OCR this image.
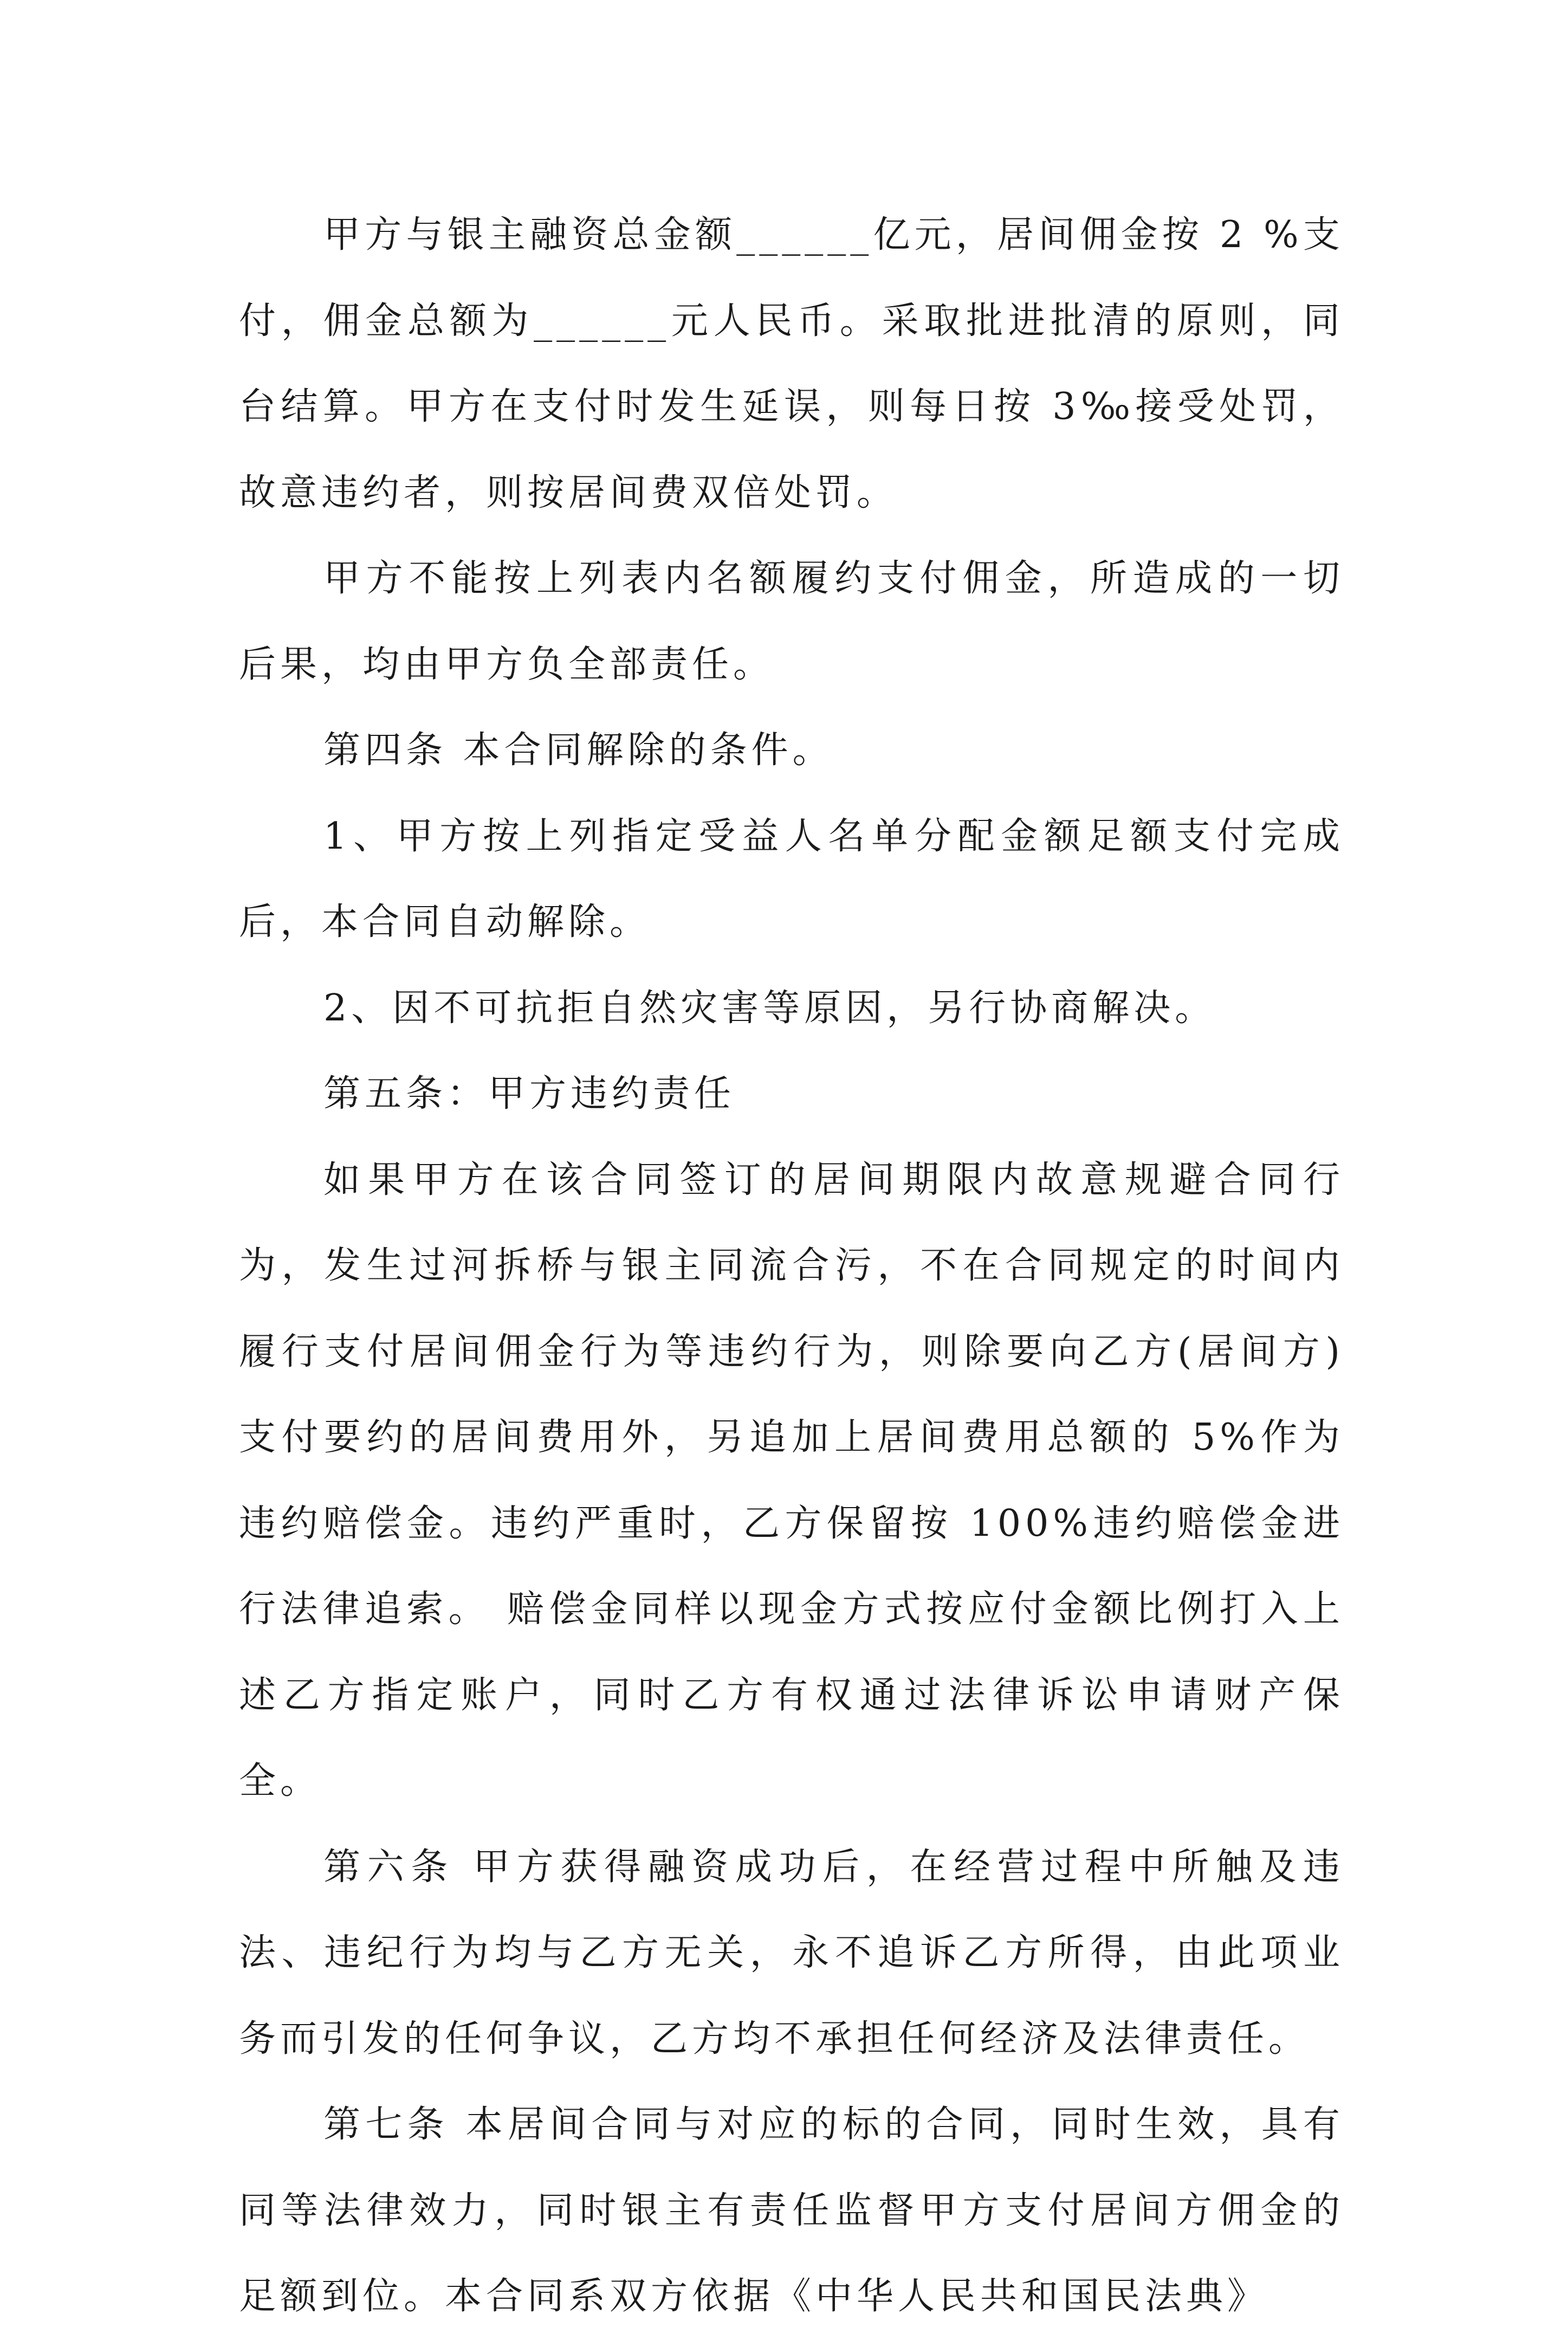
甲方与银主融资总金额______亿元，居间佣金按 2 %支付，佣金总额为______元人民币。采取批进批清的原则，同台结算。甲方在支付时发生延误，则每日按 3‰接受处罚，故意违约者，则按居间费双倍处罚。

甲方不能按上列表内名额履约支付佣金，所造成的一切后果，均由甲方负全部责任。

第四条 本合同解除的条件。

1、甲方按上列指定受益人名单分配金额足额支付完成后，本合同自动解除。

2、因不可抗拒自然灾害等原因，另行协商解决。

第五条：甲方违约责任

如果甲方在该合同签订的居间期限内故意规避合同行为，发生过河拆桥与银主同流合污，不在合同规定的时间内履行支付居间佣金行为等违约行为，则除要向乙方(居间方)支付要约的居间费用外，另追加上居间费用总额的 5%作为违约赔偿金。违约严重时，乙方保留按 100%违约赔偿金进行法律追索。 赔偿金同样以现金方式按应付金额比例打入上述乙方指定账户，同时乙方有权通过法律诉讼申请财产保全。

第六条 甲方获得融资成功后，在经营过程中所触及违法、违纪行为均与乙方无关，永不追诉乙方所得，由此项业务而引发的任何争议，乙方均不承担任何经济及法律责任。

第七条 本居间合同与对应的标的合同，同时生效，具有同等法律效力，同时银主有责任监督甲方支付居间方佣金的足额到位。本合同系双方依据《中华人民共和国民法典》
